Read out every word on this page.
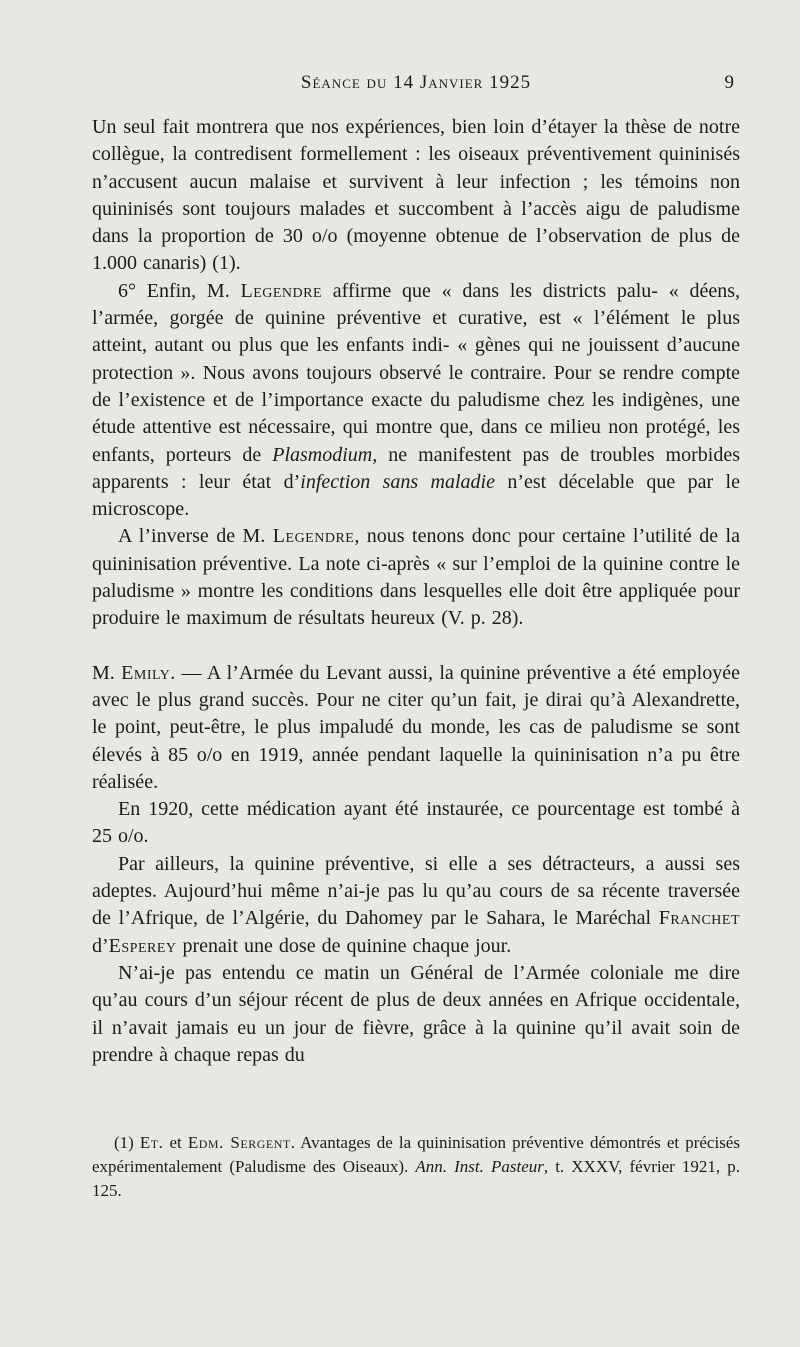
Séance du 14 Janvier 1925	9

Un seul fait montrera que nos expériences, bien loin d’étayer la thèse de notre collègue, la contredisent formellement : les oiseaux préventivement quininisés n’accusent aucun malaise et survivent à leur infection ; les témoins non quininisés sont toujours malades et succombent à l’accès aigu de paludisme dans la proportion de 30 o/o (moyenne obtenue de l’observation de plus de 1.000 canaris) (1).

6° Enfin, M. Legendre affirme que « dans les districts palu- « déens, l’armée, gorgée de quinine préventive et curative, est « l’élément le plus atteint, autant ou plus que les enfants indi- « gènes qui ne jouissent d’aucune protection ». Nous avons toujours observé le contraire. Pour se rendre compte de l’existence et de l’importance exacte du paludisme chez les indigènes, une étude attentive est nécessaire, qui montre que, dans ce milieu non protégé, les enfants, porteurs de Plasmodium, ne manifestent pas de troubles morbides apparents : leur état d’infection sans maladie n’est décelable que par le microscope.

A l’inverse de M. Legendre, nous tenons donc pour certaine l’utilité de la quininisation préventive. La note ci-après « sur l’emploi de la quinine contre le paludisme » montre les conditions dans lesquelles elle doit être appliquée pour produire le maximum de résultats heureux (V. p. 28).

M. Emily. — A l’Armée du Levant aussi, la quinine préventive a été employée avec le plus grand succès. Pour ne citer qu’un fait, je dirai qu’à Alexandrette, le point, peut-être, le plus impaludé du monde, les cas de paludisme se sont élevés à 85 o/o en 1919, année pendant laquelle la quininisation n’a pu être réalisée.

En 1920, cette médication ayant été instaurée, ce pourcentage est tombé à 25 o/o.

Par ailleurs, la quinine préventive, si elle a ses détracteurs, a aussi ses adeptes. Aujourd’hui même n’ai-je pas lu qu’au cours de sa récente traversée de l’Afrique, de l’Algérie, du Dahomey par le Sahara, le Maréchal Franchet d’Esperey prenait une dose de quinine chaque jour.

N’ai-je pas entendu ce matin un Général de l’Armée coloniale me dire qu’au cours d’un séjour récent de plus de deux années en Afrique occidentale, il n’avait jamais eu un jour de fièvre, grâce à la quinine qu’il avait soin de prendre à chaque repas du

(1) Et. et Edm. Sergent. Avantages de la quininisation préventive démontrés et précisés expérimentalement (Paludisme des Oiseaux). Ann. Inst. Pasteur, t. XXXV, février 1921, p. 125.
